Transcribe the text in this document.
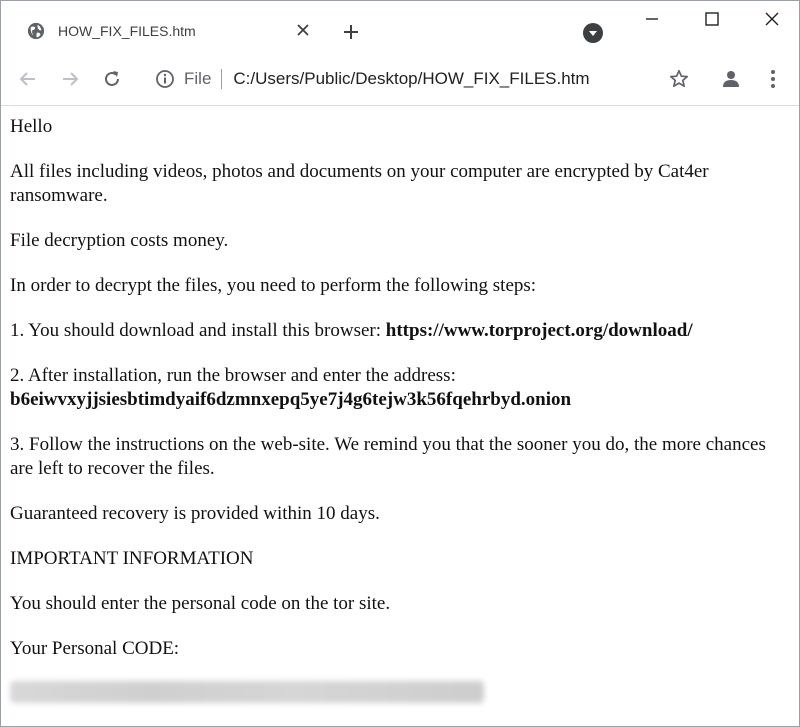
HOW_FIX_FILES.htm
File
C:/Users/Public/Desktop/HOW_FIX_FILES.htm

Hello

All files including videos, photos and documents on your computer are encrypted by Cat4er ransomware.

File decryption costs money.

In order to decrypt the files, you need to perform the following steps:

1. You should download and install this browser: https://www.torproject.org/download/

2. After installation, run the browser and enter the address:
b6eiwvxyjjsiesbtimdyaif6dzmnxepq5ye7j4g6tejw3k56fqehrbyd.onion

3. Follow the instructions on the web-site. We remind you that the sooner you do, the more chances are left to recover the files.

Guaranteed recovery is provided within 10 days.

IMPORTANT INFORMATION

You should enter the personal code on the tor site.

Your Personal CODE:
